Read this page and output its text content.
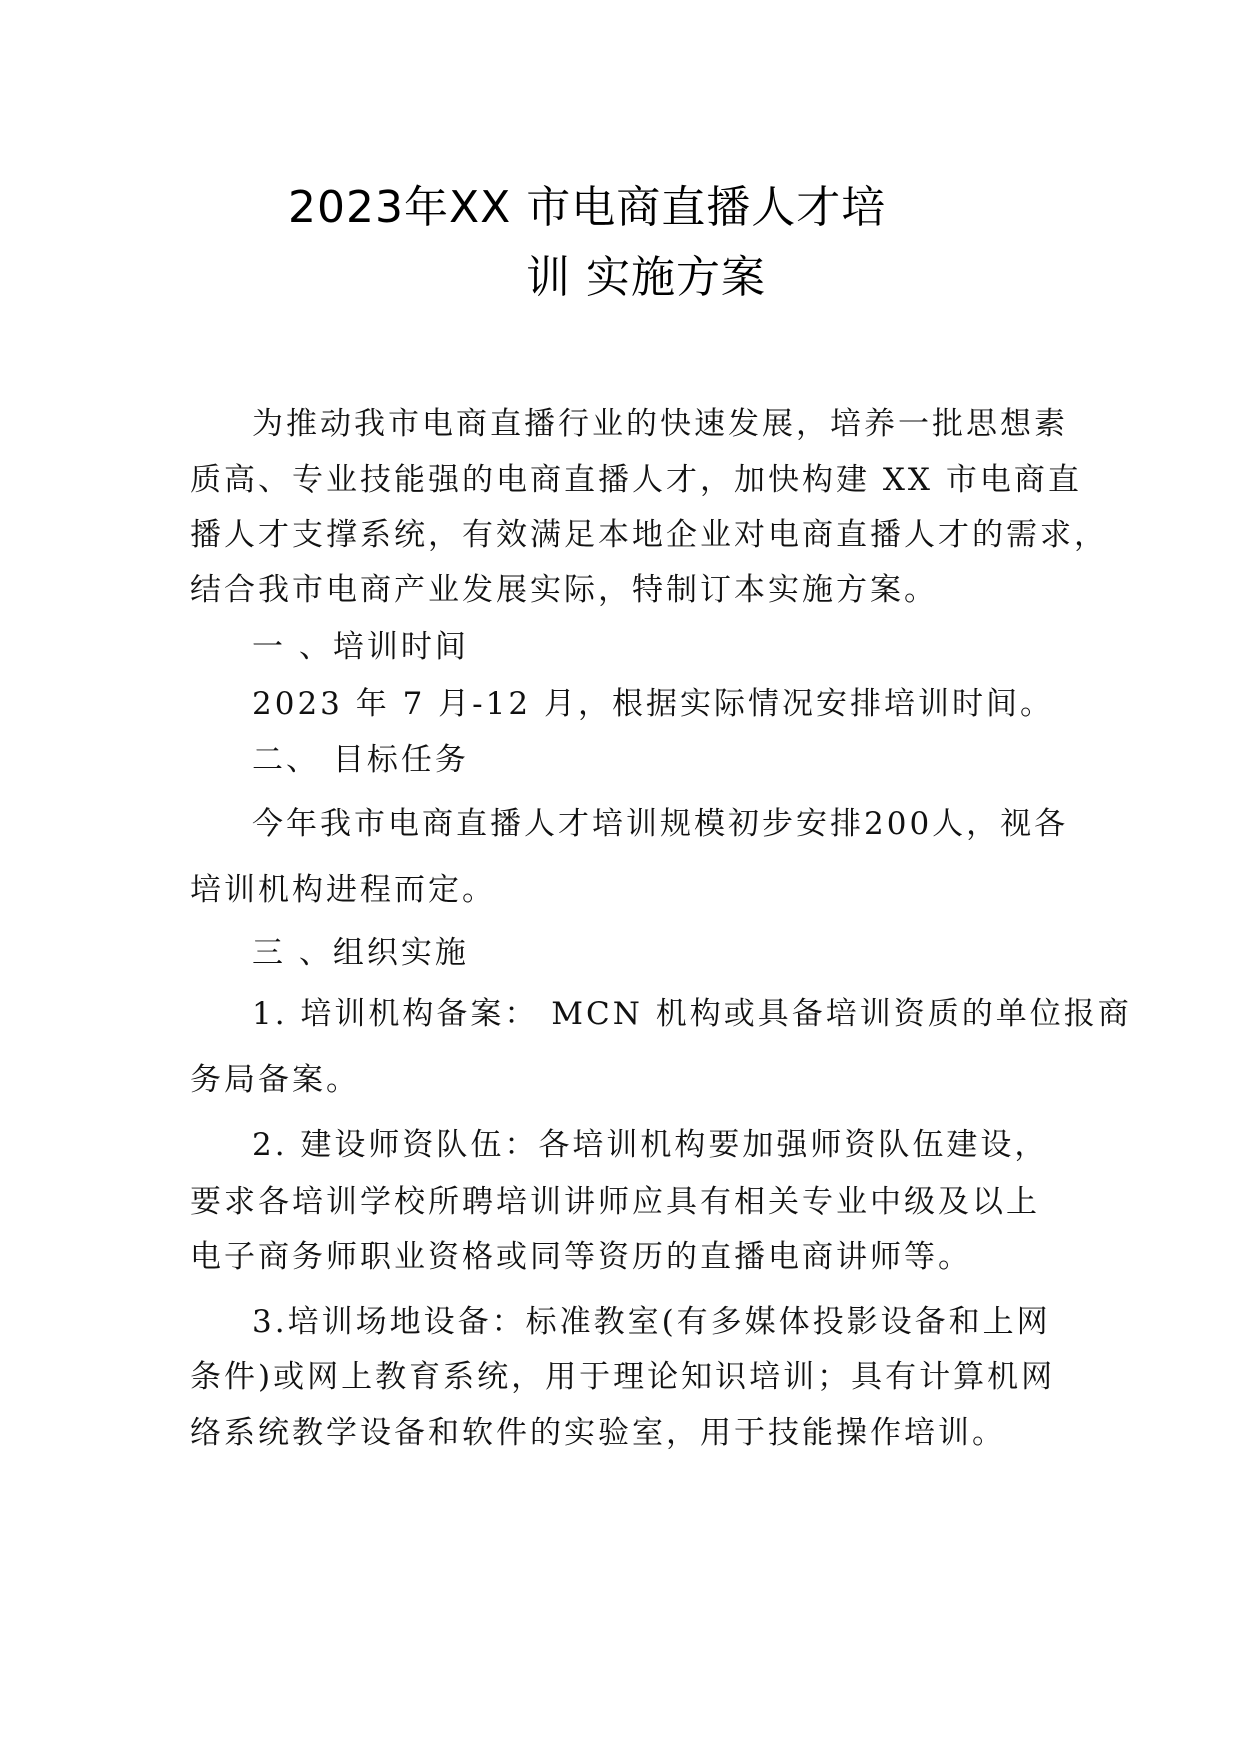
2023年XX 市电商直播人才培
训 实施方案
为推动我市电商直播行业的快速发展，培养一批思想素
质高、专业技能强的电商直播人才，加快构建 XX 市电商直
播人才支撑系统，有效满足本地企业对电商直播人才的需求，
结合我市电商产业发展实际，特制订本实施方案。
一 、培训时间
2023 年 7 月-12 月，根据实际情况安排培训时间。
二、 目标任务
今年我市电商直播人才培训规模初步安排200人，视各
培训机构进程而定。
三 、组织实施
1. 培训机构备案： MCN 机构或具备培训资质的单位报商
务局备案。
2. 建设师资队伍：各培训机构要加强师资队伍建设，
要求各培训学校所聘培训讲师应具有相关专业中级及以上
电子商务师职业资格或同等资历的直播电商讲师等。
3.培训场地设备：标准教室(有多媒体投影设备和上网
条件)或网上教育系统，用于理论知识培训；具有计算机网
络系统教学设备和软件的实验室，用于技能操作培训。
